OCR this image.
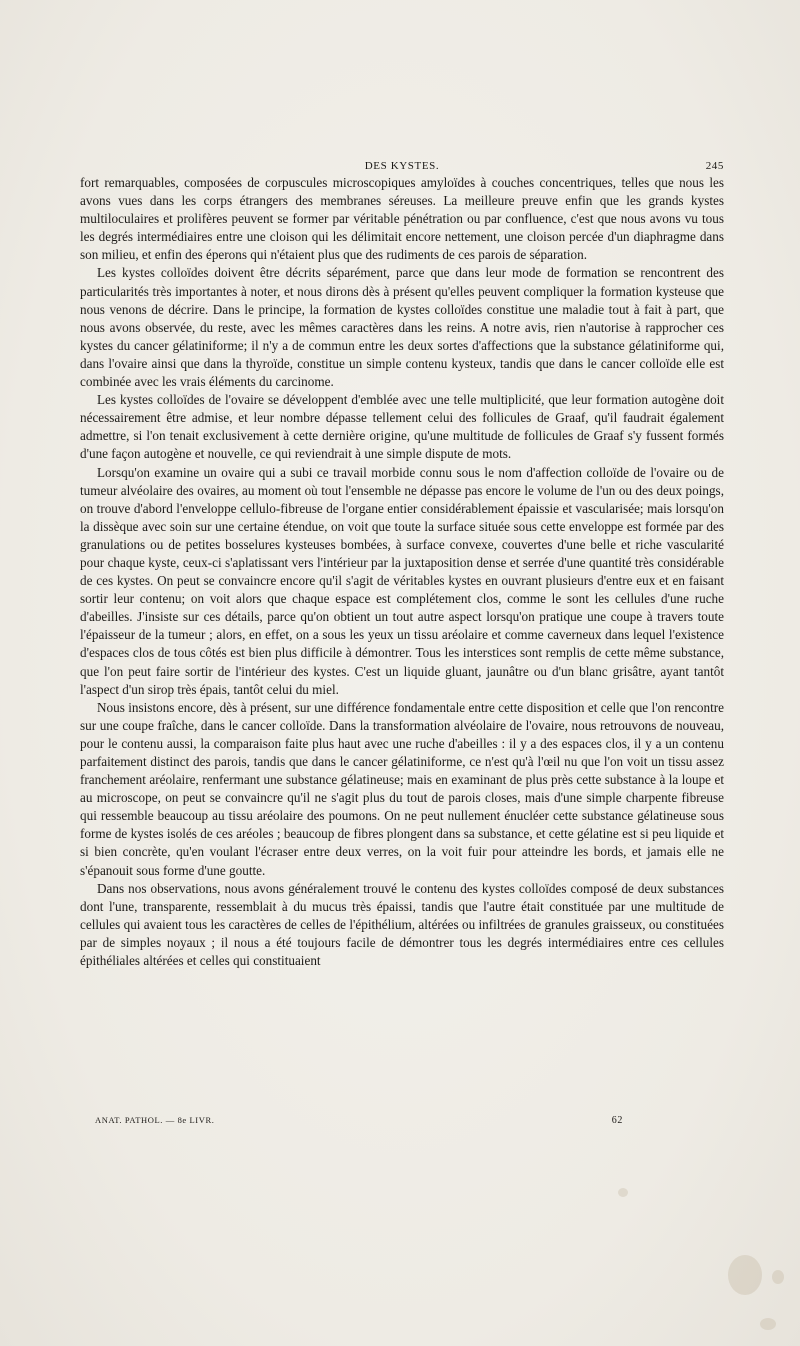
DES KYSTES.	245

fort remarquables, composées de corpuscules microscopiques amyloïdes à couches concentriques, telles que nous les avons vues dans les corps étrangers des membranes séreuses. La meilleure preuve enfin que les grands kystes multiloculaires et prolifères peuvent se former par véritable pénétration ou par confluence, c'est que nous avons vu tous les degrés intermédiaires entre une cloison qui les délimitait encore nettement, une cloison percée d'un diaphragme dans son milieu, et enfin des éperons qui n'étaient plus que des rudiments de ces parois de séparation.

Les kystes colloïdes doivent être décrits séparément, parce que dans leur mode de formation se rencontrent des particularités très importantes à noter, et nous dirons dès à présent qu'elles peuvent compliquer la formation kysteuse que nous venons de décrire. Dans le principe, la formation de kystes colloïdes constitue une maladie tout à fait à part, que nous avons observée, du reste, avec les mêmes caractères dans les reins. A notre avis, rien n'autorise à rapprocher ces kystes du cancer gélatiniforme; il n'y a de commun entre les deux sortes d'affections que la substance gélatiniforme qui, dans l'ovaire ainsi que dans la thyroïde, constitue un simple contenu kysteux, tandis que dans le cancer colloïde elle est combinée avec les vrais éléments du carcinome.

Les kystes colloïdes de l'ovaire se développent d'emblée avec une telle multiplicité, que leur formation autogène doit nécessairement être admise, et leur nombre dépasse tellement celui des follicules de Graaf, qu'il faudrait également admettre, si l'on tenait exclusivement à cette dernière origine, qu'une multitude de follicules de Graaf s'y fussent formés d'une façon autogène et nouvelle, ce qui reviendrait à une simple dispute de mots.

Lorsqu'on examine un ovaire qui a subi ce travail morbide connu sous le nom d'affection colloïde de l'ovaire ou de tumeur alvéolaire des ovaires, au moment où tout l'ensemble ne dépasse pas encore le volume de l'un ou des deux poings, on trouve d'abord l'enveloppe cellulo-fibreuse de l'organe entier considérablement épaissie et vascularisée; mais lorsqu'on la dissèque avec soin sur une certaine étendue, on voit que toute la surface située sous cette enveloppe est formée par des granulations ou de petites bosselures kysteuses bombées, à surface convexe, couvertes d'une belle et riche vascularité pour chaque kyste, ceux-ci s'aplatissant vers l'intérieur par la juxtaposition dense et serrée d'une quantité très considérable de ces kystes. On peut se convaincre encore qu'il s'agit de véritables kystes en ouvrant plusieurs d'entre eux et en faisant sortir leur contenu; on voit alors que chaque espace est complétement clos, comme le sont les cellules d'une ruche d'abeilles. J'insiste sur ces détails, parce qu'on obtient un tout autre aspect lorsqu'on pratique une coupe à travers toute l'épaisseur de la tumeur ; alors, en effet, on a sous les yeux un tissu aréolaire et comme caverneux dans lequel l'existence d'espaces clos de tous côtés est bien plus difficile à démontrer. Tous les interstices sont remplis de cette même substance, que l'on peut faire sortir de l'intérieur des kystes. C'est un liquide gluant, jaunâtre ou d'un blanc grisâtre, ayant tantôt l'aspect d'un sirop très épais, tantôt celui du miel.

Nous insistons encore, dès à présent, sur une différence fondamentale entre cette disposition et celle que l'on rencontre sur une coupe fraîche, dans le cancer colloïde. Dans la transformation alvéolaire de l'ovaire, nous retrouvons de nouveau, pour le contenu aussi, la comparaison faite plus haut avec une ruche d'abeilles : il y a des espaces clos, il y a un contenu parfaitement distinct des parois, tandis que dans le cancer gélatiniforme, ce n'est qu'à l'œil nu que l'on voit un tissu assez franchement aréolaire, renfermant une substance gélatineuse; mais en examinant de plus près cette substance à la loupe et au microscope, on peut se convaincre qu'il ne s'agit plus du tout de parois closes, mais d'une simple charpente fibreuse qui ressemble beaucoup au tissu aréolaire des poumons. On ne peut nullement énucléer cette substance gélatineuse sous forme de kystes isolés de ces aréoles ; beaucoup de fibres plongent dans sa substance, et cette gélatine est si peu liquide et si bien concrète, qu'en voulant l'écraser entre deux verres, on la voit fuir pour atteindre les bords, et jamais elle ne s'épanouit sous forme d'une goutte.

Dans nos observations, nous avons généralement trouvé le contenu des kystes colloïdes composé de deux substances dont l'une, transparente, ressemblait à du mucus très épaissi, tandis que l'autre était constituée par une multitude de cellules qui avaient tous les caractères de celles de l'épithélium, altérées ou infiltrées de granules graisseux, ou constituées par de simples noyaux ; il nous a été toujours facile de démontrer tous les degrés intermédiaires entre ces cellules épithéliales altérées et celles qui constituaient

ANAT. PATHOL. — 8e LIVR.	62
